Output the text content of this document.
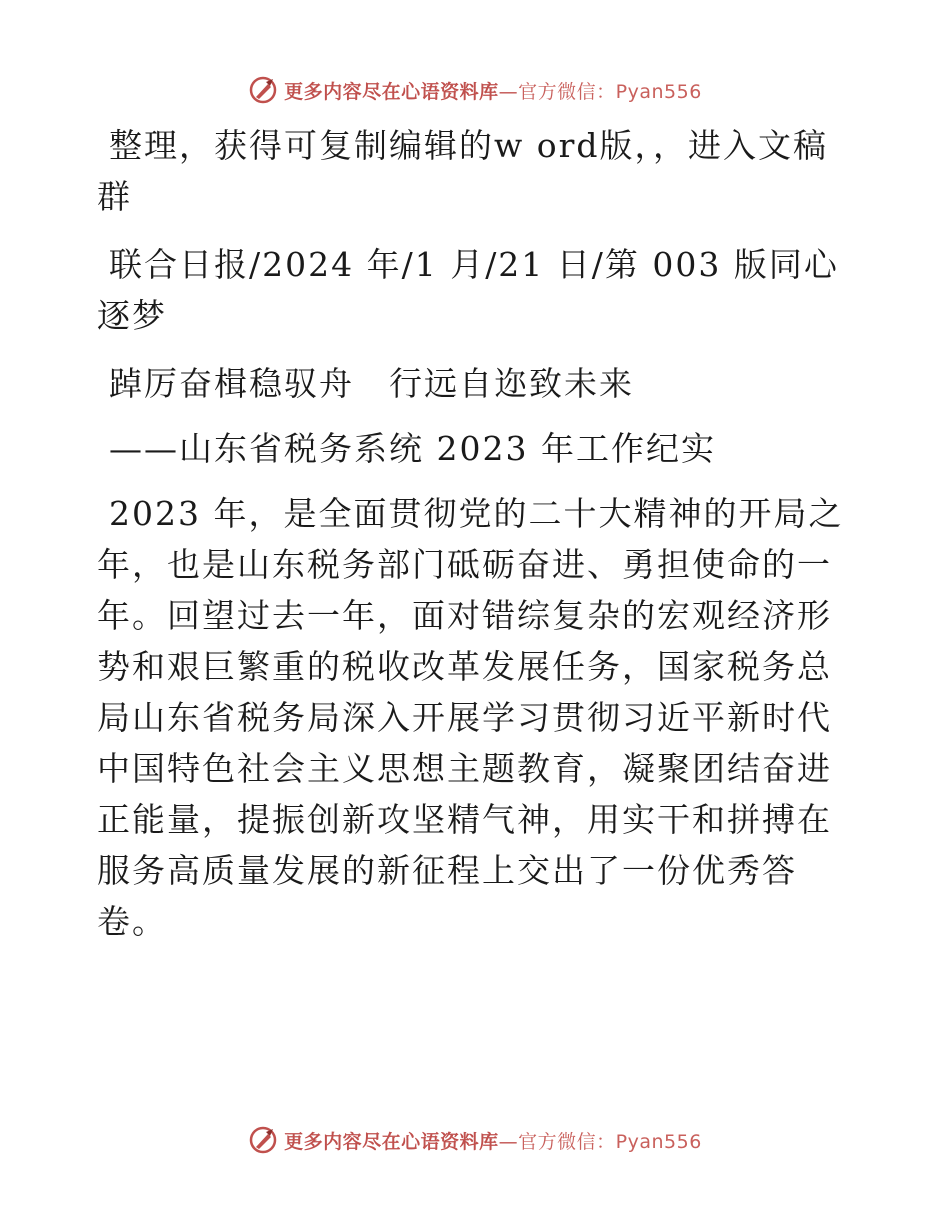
更多内容尽在心语资料库—官方微信：Pyan556

整理，获得可复制编辑的w ord版，，进入文稿群

联合日报/2024 年/1 月/21 日/第 003 版同心逐梦

踔厉奋楫稳驭舟　行远自迩致未来

——山东省税务系统 2023 年工作纪实

2023 年，是全面贯彻党的二十大精神的开局之年，也是山东税务部门砥砺奋进、勇担使命的一年。回望过去一年，面对错综复杂的宏观经济形势和艰巨繁重的税收改革发展任务，国家税务总局山东省税务局深入开展学习贯彻习近平新时代中国特色社会主义思想主题教育，凝聚团结奋进正能量，提振创新攻坚精气神，用实干和拼搏在服务高质量发展的新征程上交出了一份优秀答卷。

更多内容尽在心语资料库—官方微信：Pyan556
